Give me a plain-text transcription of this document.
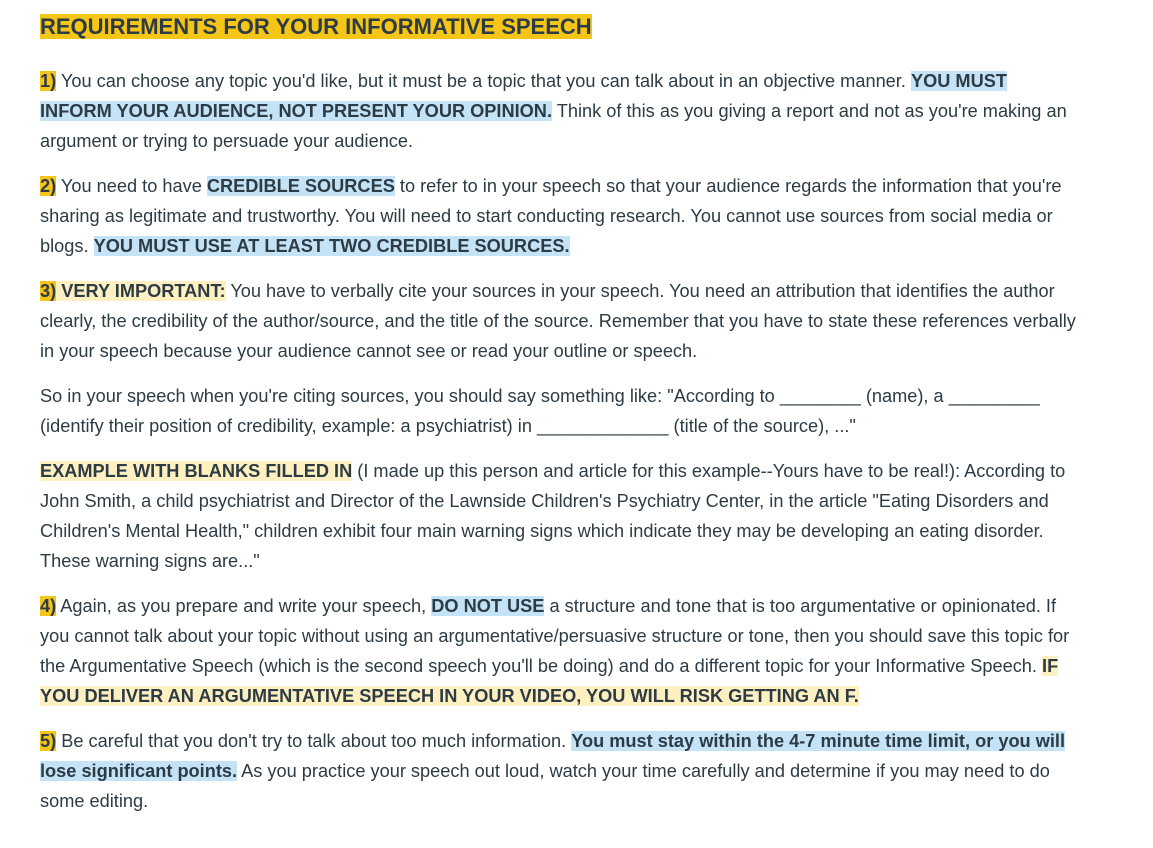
REQUIREMENTS FOR YOUR INFORMATIVE SPEECH

1) You can choose any topic you'd like, but it must be a topic that you can talk about in an objective manner. YOU MUST INFORM YOUR AUDIENCE, NOT PRESENT YOUR OPINION. Think of this as you giving a report and not as you're making an argument or trying to persuade your audience.

2) You need to have CREDIBLE SOURCES to refer to in your speech so that your audience regards the information that you're sharing as legitimate and trustworthy. You will need to start conducting research. You cannot use sources from social media or blogs. YOU MUST USE AT LEAST TWO CREDIBLE SOURCES.

3) VERY IMPORTANT: You have to verbally cite your sources in your speech. You need an attribution that identifies the author clearly, the credibility of the author/source, and the title of the source. Remember that you have to state these references verbally in your speech because your audience cannot see or read your outline or speech.

So in your speech when you're citing sources, you should say something like: "According to ________ (name), a _________ (identify their position of credibility, example: a psychiatrist) in _____________ (title of the source), ..."

EXAMPLE WITH BLANKS FILLED IN (I made up this person and article for this example--Yours have to be real!): According to John Smith, a child psychiatrist and Director of the Lawnside Children's Psychiatry Center, in the article "Eating Disorders and Children's Mental Health," children exhibit four main warning signs which indicate they may be developing an eating disorder. These warning signs are..."

4) Again, as you prepare and write your speech, DO NOT USE a structure and tone that is too argumentative or opinionated. If you cannot talk about your topic without using an argumentative/persuasive structure or tone, then you should save this topic for the Argumentative Speech (which is the second speech you'll be doing) and do a different topic for your Informative Speech. IF YOU DELIVER AN ARGUMENTATIVE SPEECH IN YOUR VIDEO, YOU WILL RISK GETTING AN F.

5) Be careful that you don't try to talk about too much information. You must stay within the 4-7 minute time limit, or you will lose significant points. As you practice your speech out loud, watch your time carefully and determine if you may need to do some editing.
